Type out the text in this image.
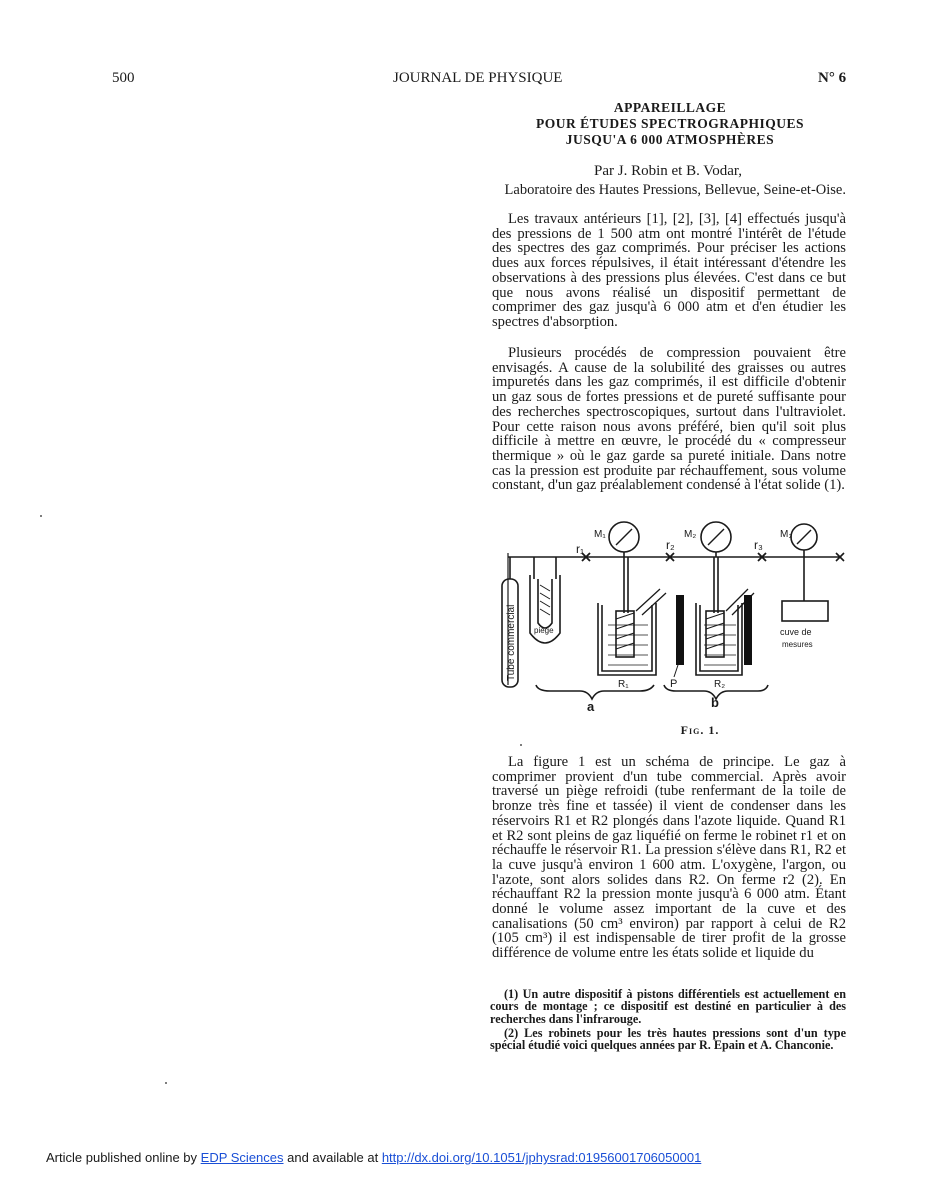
500	JOURNAL DE PHYSIQUE	N° 6
APPAREILLAGE
POUR ÉTUDES SPECTROGRAPHIQUES
JUSQU'A 6 000 ATMOSPHÈRES
Par J. Robin et B. Vodar,
Laboratoire des Hautes Pressions, Bellevue, Seine-et-Oise.

Les travaux antérieurs [1], [2], [3], [4] effectués jusqu'à des pressions de 1 500 atm ont montré l'intérêt de l'étude des spectres des gaz comprimés. Pour préciser les actions dues aux forces répulsives, il était intéressant d'étendre les observations à des pressions plus élevées. C'est dans ce but que nous avons réalisé un dispositif permettant de comprimer des gaz jusqu'à 6 000 atm et d'en étudier les spectres d'absorption.

Plusieurs procédés de compression pouvaient être envisagés. A cause de la solubilité des graisses ou autres impuretés dans les gaz comprimés, il est difficile d'obtenir un gaz sous de fortes pressions et de pureté suffisante pour des recherches spectroscopiques, surtout dans l'ultraviolet. Pour cette raison nous avons préféré, bien qu'il soit plus difficile à mettre en œuvre, le procédé du « compresseur thermique » où le gaz garde sa pureté initiale. Dans notre cas la pression est produite par réchauffement, sous volume constant, d'un gaz préalablement condensé à l'état solide (1).

Tube commercial piège
r₁	r₂	r₃
M₁	M₂	M₃
R₁	R₂
P
a	b
cuve de
mesures
Fig. 1.

La figure 1 est un schéma de principe. Le gaz à comprimer provient d'un tube commercial. Après avoir traversé un piège refroidi (tube renfermant de la toile de bronze très fine et tassée) il vient de condenser dans les réservoirs R1 et R2 plongés dans l'azote liquide. Quand R1 et R2 sont pleins de gaz liquéfié on ferme le robinet r1 et on réchauffe le réservoir R1. La pression s'élève dans R1, R2 et la cuve jusqu'à environ 1 600 atm. L'oxygène, l'argon, ou l'azote, sont alors solides dans R2. On ferme r2 (2). En réchauffant R2 la pression monte jusqu'à 6 000 atm. Étant donné le volume assez important de la cuve et des canalisations (50 cm³ environ) par rapport à celui de R2 (105 cm³) il est indispensable de tirer profit de la grosse différence de volume entre les états solide et liquide du

(1) Un autre dispositif à pistons différentiels est actuellement en cours de montage ; ce dispositif est destiné en particulier à des recherches dans l'infrarouge.

(2) Les robinets pour les très hautes pressions sont d'un type spécial étudié voici quelques années par R. Epain et A. Chanconie.

Article published online by EDP Sciences and available at http://dx.doi.org/10.1051/jphysrad:01956001706050001
